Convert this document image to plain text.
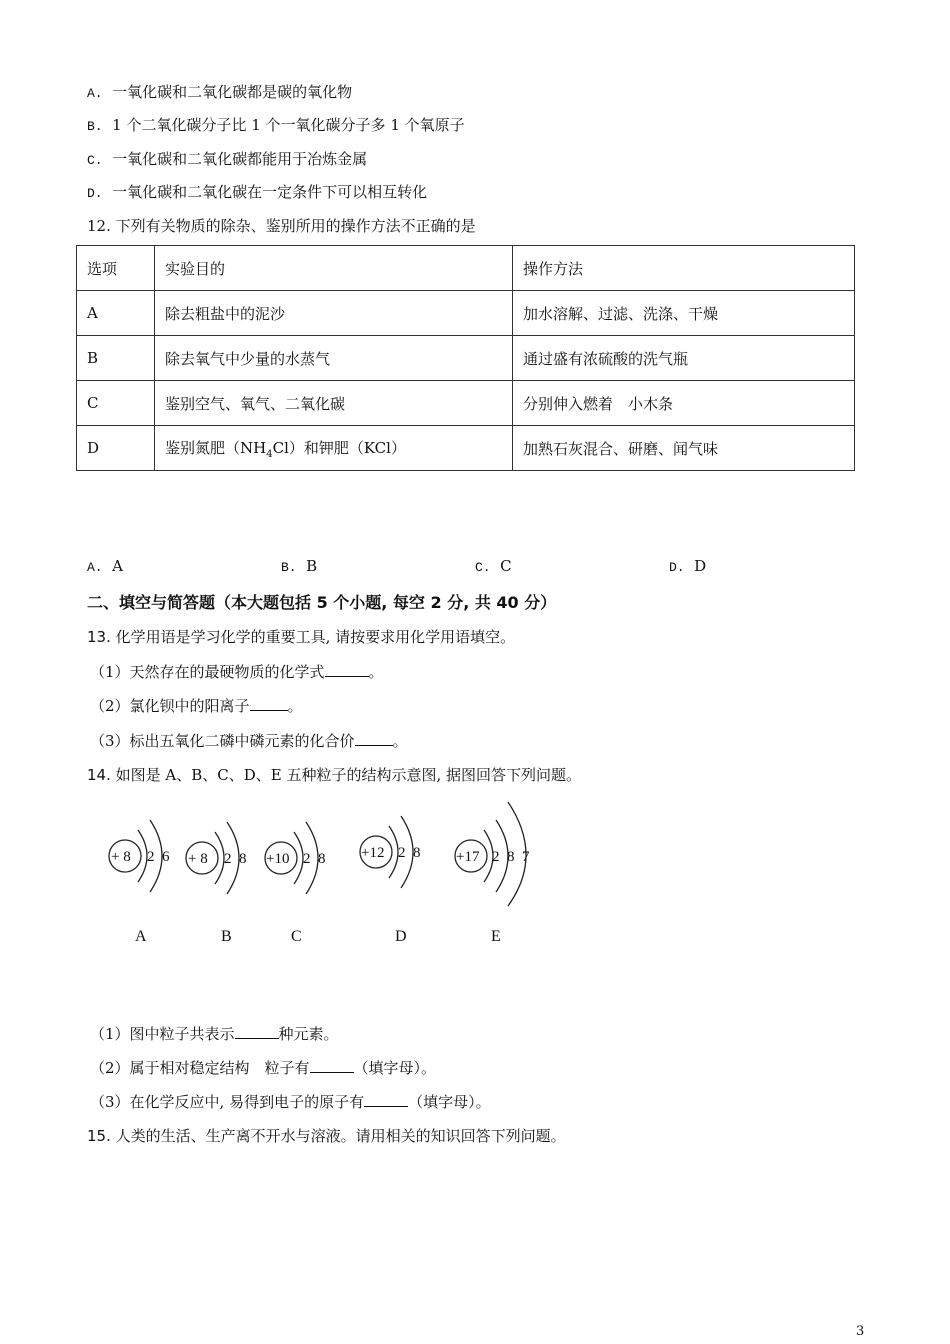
A. 一氧化碳和二氧化碳都是碳的氧化物
B. 1 个二氧化碳分子比 1 个一氧化碳分子多 1 个氧原子
C. 一氧化碳和二氧化碳都能用于冶炼金属
D. 一氧化碳和二氧化碳在一定条件下可以相互转化
12. 下列有关物质的除杂、鉴别所用的操作方法不正确的是
选项	实验目的	操作方法
A	除去粗盐中的泥沙	加水溶解、过滤、洗涤、干燥
B	除去氧气中少量的水蒸气	通过盛有浓硫酸的洗气瓶
C	鉴别空气、氧气、二氧化碳	分别伸入燃着　小木条
D	鉴别氮肥$(NH_4Cl)$和钾肥（KCl）	加熟石灰混合、研磨、闻气味
A. A	B. B	C. C	D. D
二、填空与简答题（本大题包括 5 个小题, 每空 2 分, 共 40 分）
13. 化学用语是学习化学的重要工具, 请按要求用化学用语填空。
（1）天然存在的最硬物质的化学式	。
（2）氯化钡中的阳离子	。
（3）标出五氧化二磷中磷元素的化合价	。
14. 如图是 A、B、C、D、E 五种粒子的结构示意图, 据图回答下列问题。
+ 8 2  6 + 8 2  8 +10 2  8 +12 2  8 +17 2  8  7
A	B	C	D	E
（1）图中粒子共表示	种元素。
（2）属于相对稳定结构　粒子有	（填字母）。
（3）在化学反应中, 易得到电子的原子有	（填字母）。
15. 人类的生活、生产离不开水与溶液。请用相关的知识回答下列问题。
3
